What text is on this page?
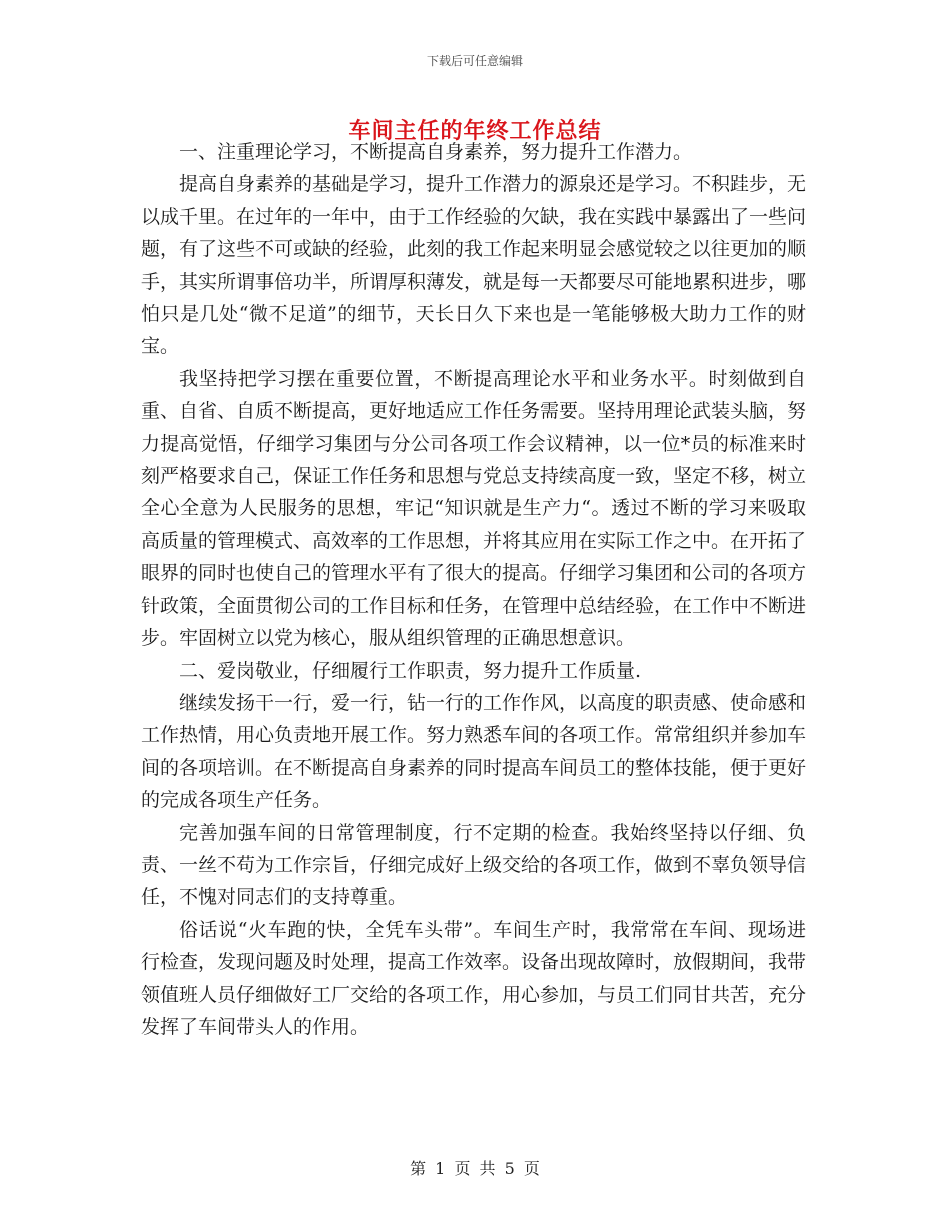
下载后可任意编辑
车间主任的年终工作总结

一、注重理论学习，不断提高自身素养，努力提升工作潜力。

提高自身素养的基础是学习，提升工作潜力的源泉还是学习。不积跬步，无以成千里。在过年的一年中，由于工作经验的欠缺，我在实践中暴露出了一些问题，有了这些不可或缺的经验，此刻的我工作起来明显会感觉较之以往更加的顺手，其实所谓事倍功半，所谓厚积薄发，就是每一天都要尽可能地累积进步，哪怕只是几处“微不足道”的细节，天长日久下来也是一笔能够极大助力工作的财宝。

我坚持把学习摆在重要位置，不断提高理论水平和业务水平。时刻做到自重、自省、自质不断提高，更好地适应工作任务需要。坚持用理论武装头脑，努力提高觉悟，仔细学习集团与分公司各项工作会议精神，以一位*员的标准来时刻严格要求自己，保证工作任务和思想与党总支持续高度一致，坚定不移，树立全心全意为人民服务的思想，牢记“知识就是生产力“。透过不断的学习来吸取高质量的管理模式、高效率的工作思想，并将其应用在实际工作之中。在开拓了眼界的同时也使自己的管理水平有了很大的提高。仔细学习集团和公司的各项方针政策，全面贯彻公司的工作目标和任务，在管理中总结经验，在工作中不断进步。牢固树立以党为核心，服从组织管理的正确思想意识。

二、爱岗敬业，仔细履行工作职责，努力提升工作质量.

继续发扬干一行，爱一行，钻一行的工作作风，以高度的职责感、使命感和工作热情，用心负责地开展工作。努力熟悉车间的各项工作。常常组织并参加车间的各项培训。在不断提高自身素养的同时提高车间员工的整体技能，便于更好的完成各项生产任务。

完善加强车间的日常管理制度，行不定期的检查。我始终坚持以仔细、负责、一丝不苟为工作宗旨，仔细完成好上级交给的各项工作，做到不辜负领导信任，不愧对同志们的支持尊重。

俗话说“火车跑的快，全凭车头带”。车间生产时，我常常在车间、现场进行检查，发现问题及时处理，提高工作效率。设备出现故障时，放假期间，我带领值班人员仔细做好工厂交给的各项工作，用心参加，与员工们同甘共苦，充分发挥了车间带头人的作用。

第 1 页 共 5 页
